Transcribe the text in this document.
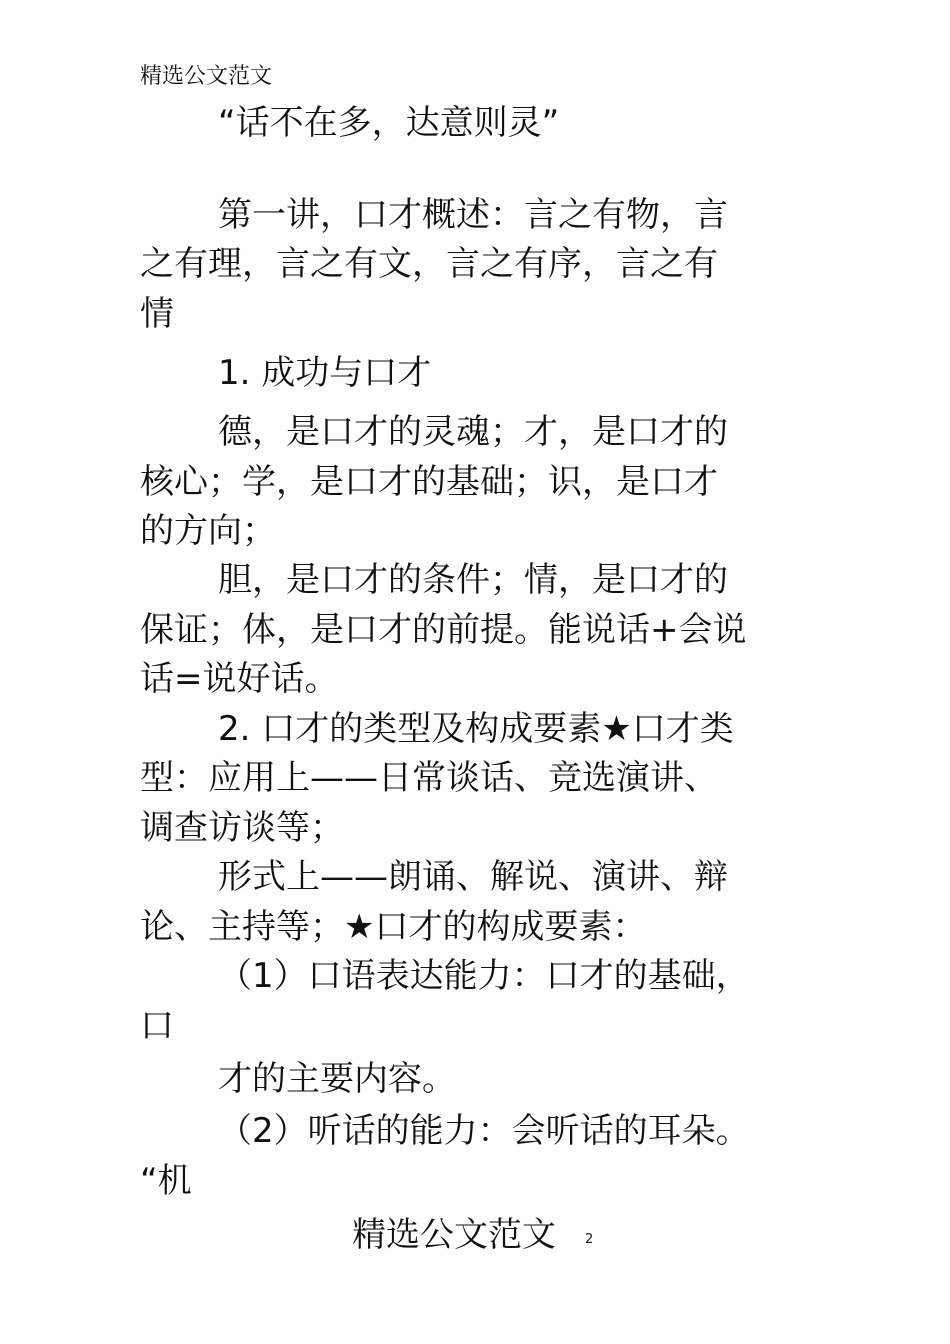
精选公文范文
“话不在多，达意则灵”
第一讲，口才概述：言之有物，言
之有理，言之有文，言之有序，言之有
情
1. 成功与口才
德，是口才的灵魂；才，是口才的
核心；学，是口才的基础；识，是口才
的方向；
胆，是口才的条件；情，是口才的
保证；体，是口才的前提。能说话+会说
话=说好话。
2. 口才的类型及构成要素★口才类
型：应用上——日常谈话、竞选演讲、
调查访谈等；
形式上——朗诵、解说、演讲、辩
论、主持等；★口才的构成要素：
（1）口语表达能力：口才的基础，
口
才的主要内容。
（2）听话的能力：会听话的耳朵。
“机
精选公文范文 2
